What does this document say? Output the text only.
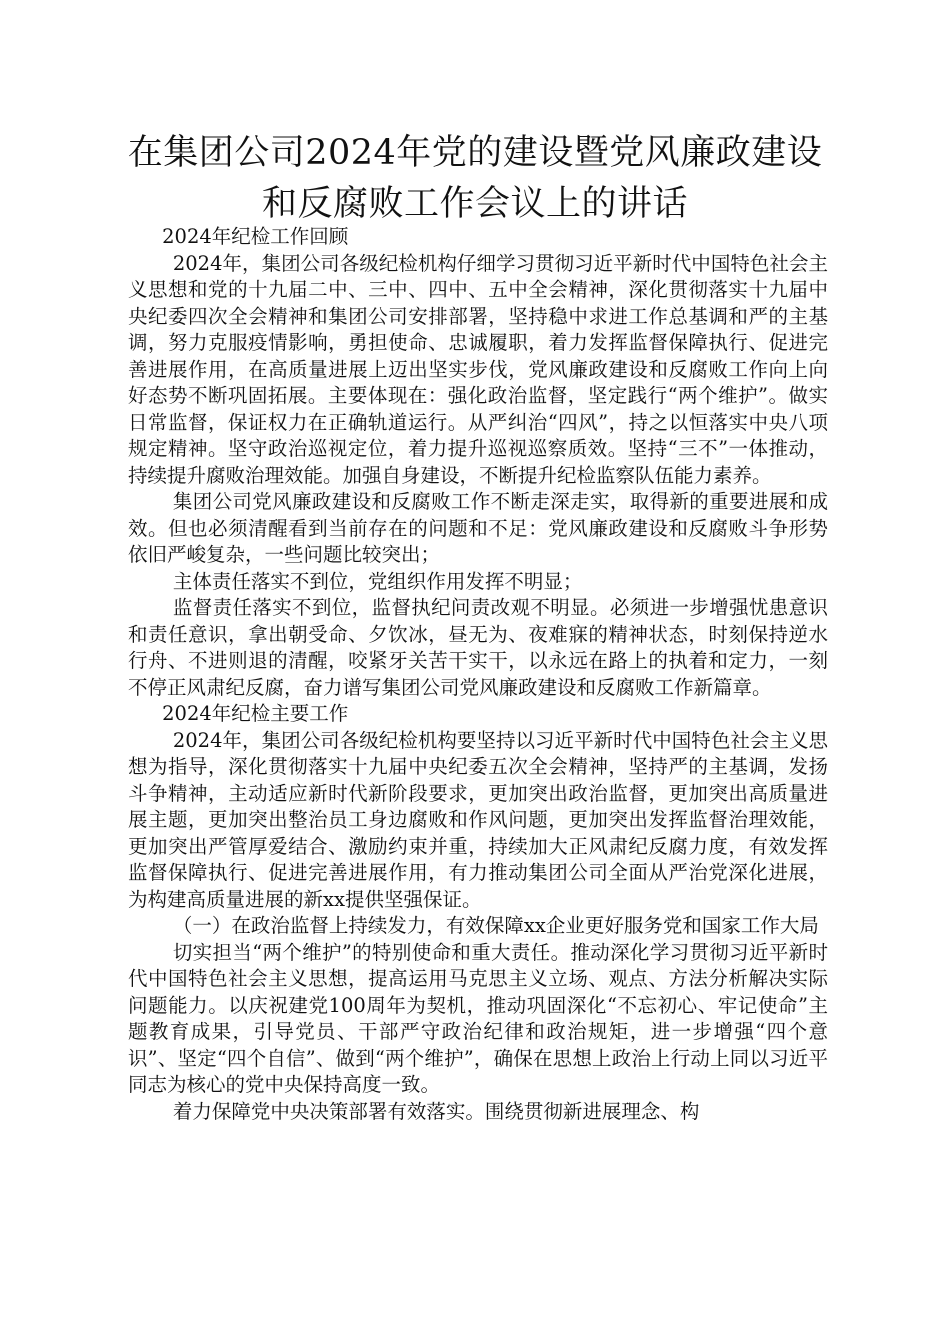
在集团公司2024年党的建设暨党风廉政建设和反腐败工作会议上的讲话

2024年纪检工作回顾

2024年，集团公司各级纪检机构仔细学习贯彻习近平新时代中国特色社会主义思想和党的十九届二中、三中、四中、五中全会精神，深化贯彻落实十九届中央纪委四次全会精神和集团公司安排部署，坚持稳中求进工作总基调和严的主基调，努力克服疫情影响，勇担使命、忠诚履职，着力发挥监督保障执行、促进完善进展作用，在高质量进展上迈出坚实步伐，党风廉政建设和反腐败工作向上向好态势不断巩固拓展。主要体现在：强化政治监督，坚定践行“两个维护”。做实日常监督，保证权力在正确轨道运行。从严纠治“四风”，持之以恒落实中央八项规定精神。坚守政治巡视定位，着力提升巡视巡察质效。坚持“三不”一体推动，持续提升腐败治理效能。加强自身建设，不断提升纪检监察队伍能力素养。

集团公司党风廉政建设和反腐败工作不断走深走实，取得新的重要进展和成效。但也必须清醒看到当前存在的问题和不足：党风廉政建设和反腐败斗争形势依旧严峻复杂，一些问题比较突出；

主体责任落实不到位，党组织作用发挥不明显；

监督责任落实不到位，监督执纪问责改观不明显。必须进一步增强忧患意识和责任意识，拿出朝受命、夕饮冰，昼无为、夜难寐的精神状态，时刻保持逆水行舟、不进则退的清醒，咬紧牙关苦干实干，以永远在路上的执着和定力，一刻不停正风肃纪反腐，奋力谱写集团公司党风廉政建设和反腐败工作新篇章。

2024年纪检主要工作

2024年，集团公司各级纪检机构要坚持以习近平新时代中国特色社会主义思想为指导，深化贯彻落实十九届中央纪委五次全会精神，坚持严的主基调，发扬斗争精神，主动适应新时代新阶段要求，更加突出政治监督，更加突出高质量进展主题，更加突出整治员工身边腐败和作风问题，更加突出发挥监督治理效能，更加突出严管厚爱结合、激励约束并重，持续加大正风肃纪反腐力度，有效发挥监督保障执行、促进完善进展作用，有力推动集团公司全面从严治党深化进展，为构建高质量进展的新xx提供坚强保证。

（一）在政治监督上持续发力，有效保障xx企业更好服务党和国家工作大局

切实担当“两个维护”的特别使命和重大责任。推动深化学习贯彻习近平新时代中国特色社会主义思想，提高运用马克思主义立场、观点、方法分析解决实际问题能力。以庆祝建党100周年为契机，推动巩固深化“不忘初心、牢记使命”主题教育成果，引导党员、干部严守政治纪律和政治规矩，进一步增强“四个意识”、坚定“四个自信”、做到“两个维护”，确保在思想上政治上行动上同以习近平同志为核心的党中央保持高度一致。

着力保障党中央决策部署有效落实。围绕贯彻新进展理念、构
